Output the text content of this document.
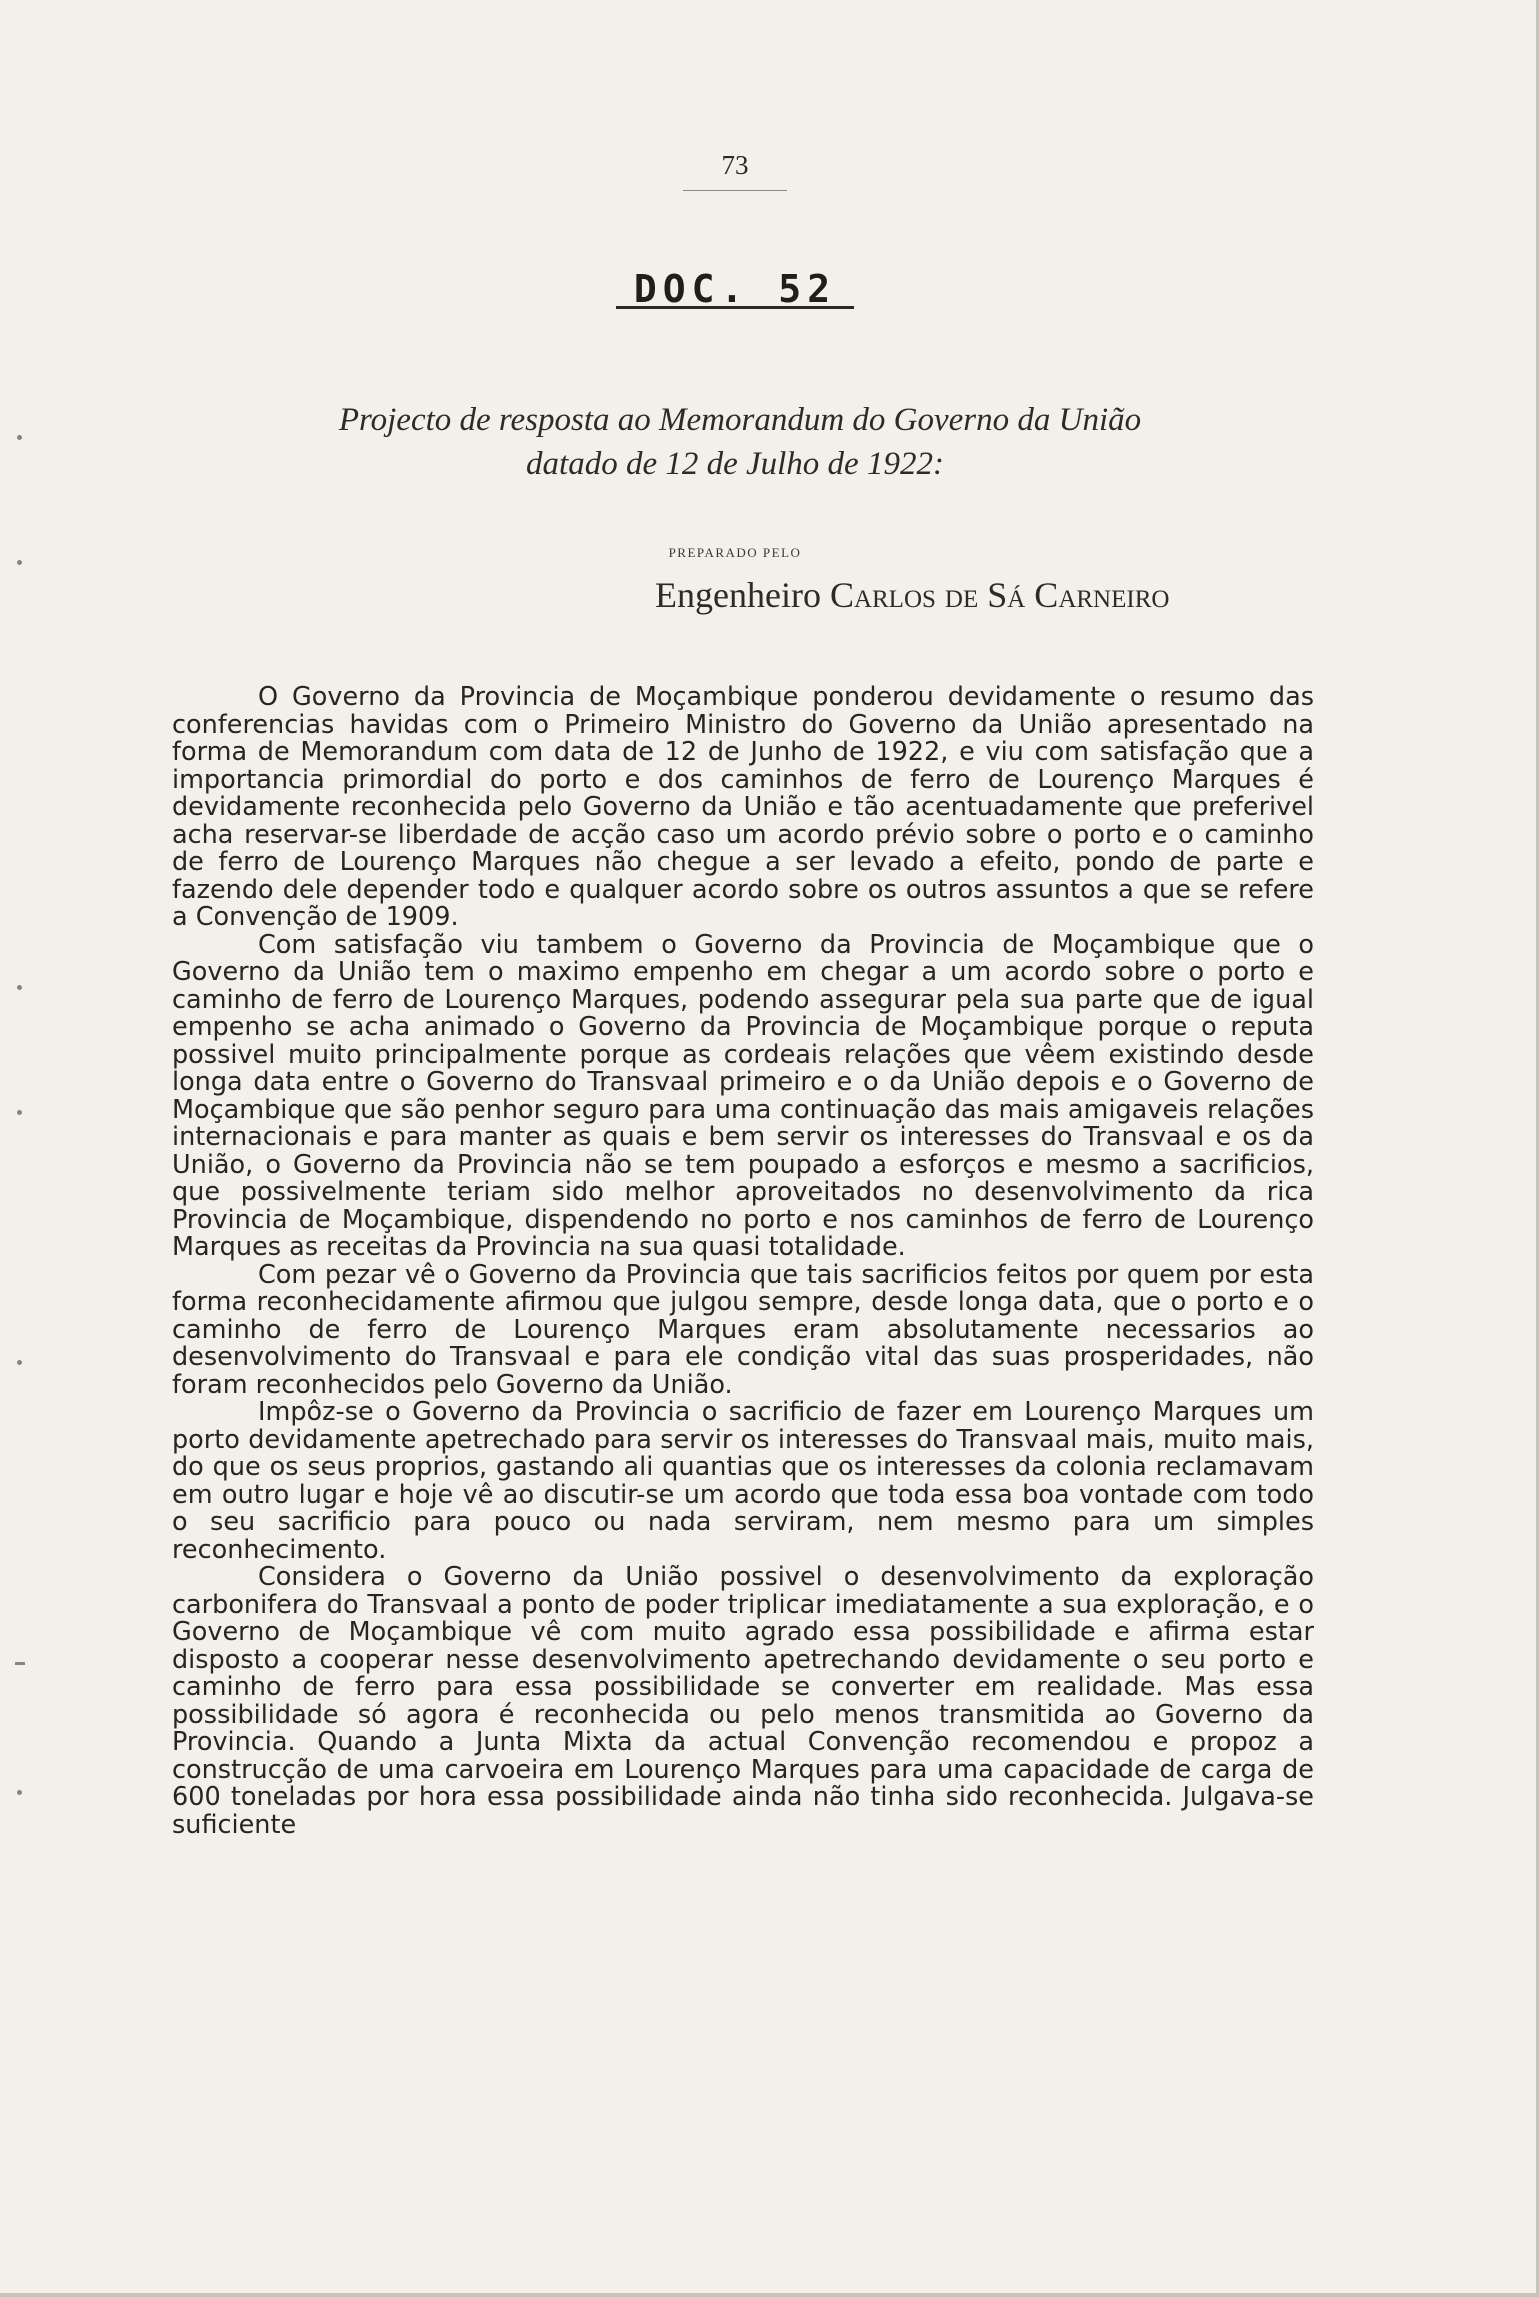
73
DOC. 52
Projecto de resposta ao Memorandum do Governo da União
datado de 12 de Julho de 1922:
PREPARADO PELO
Engenheiro Carlos de Sá Carneiro

O Governo da Provincia de Moçambique ponderou devidamente o resumo das conferencias havidas com o Primeiro Ministro do Governo da União apresentado na forma de Memorandum com data de 12 de Junho de 1922, e viu com satisfação que a importancia primordial do porto e dos caminhos de ferro de Lourenço Marques é devidamente reconhecida pelo Governo da União e tão acentuadamente que preferivel acha reservar-se liberdade de acção caso um acordo prévio sobre o porto e o caminho de ferro de Lourenço Marques não chegue a ser levado a efeito, pondo de parte e fazendo dele depender todo e qualquer acordo sobre os outros assuntos a que se refere a Convenção de 1909.

Com satisfação viu tambem o Governo da Provincia de Moçambique que o Governo da União tem o maximo empenho em chegar a um acordo sobre o porto e caminho de ferro de Lourenço Marques, podendo assegurar pela sua parte que de igual empenho se acha animado o Governo da Provincia de Moçambique porque o reputa possivel muito principalmente porque as cordeais relações que vêem existindo desde longa data entre o Governo do Transvaal primeiro e o da União depois e o Governo de Moçambique que são penhor seguro para uma continuação das mais amigaveis relações internacionais e para manter as quais e bem servir os interesses do Transvaal e os da União, o Governo da Provincia não se tem poupado a esforços e mesmo a sacrificios, que possivelmente teriam sido melhor aproveitados no desenvolvimento da rica Provincia de Moçambique, dispendendo no porto e nos caminhos de ferro de Lourenço Marques as receitas da Provincia na sua quasi totalidade.

Com pezar vê o Governo da Provincia que tais sacrificios feitos por quem por esta forma reconhecidamente afirmou que julgou sempre, desde longa data, que o porto e o caminho de ferro de Lourenço Marques eram absolutamente necessarios ao desenvolvimento do Transvaal e para ele condição vital das suas prosperidades, não foram reconhecidos pelo Governo da União.

Impôz-se o Governo da Provincia o sacrificio de fazer em Lourenço Marques um porto devidamente apetrechado para servir os interesses do Transvaal mais, muito mais, do que os seus proprios, gastando ali quantias que os interesses da colonia reclamavam em outro lugar e hoje vê ao discutir-se um acordo que toda essa boa vontade com todo o seu sacrificio para pouco ou nada serviram, nem mesmo para um simples reconhecimento.

Considera o Governo da União possivel o desenvolvimento da exploração carbonifera do Transvaal a ponto de poder triplicar imediatamente a sua exploração, e o Governo de Moçambique vê com muito agrado essa possibilidade e afirma estar disposto a cooperar nesse desenvolvimento apetrechando devidamente o seu porto e caminho de ferro para essa possibilidade se converter em realidade. Mas essa possibilidade só agora é reconhecida ou pelo menos transmitida ao Governo da Provincia. Quando a Junta Mixta da actual Convenção recomendou e propoz a construcção de uma carvoeira em Lourenço Marques para uma capacidade de carga de 600 toneladas por hora essa possibilidade ainda não tinha sido reconhecida. Julgava-se suficiente
